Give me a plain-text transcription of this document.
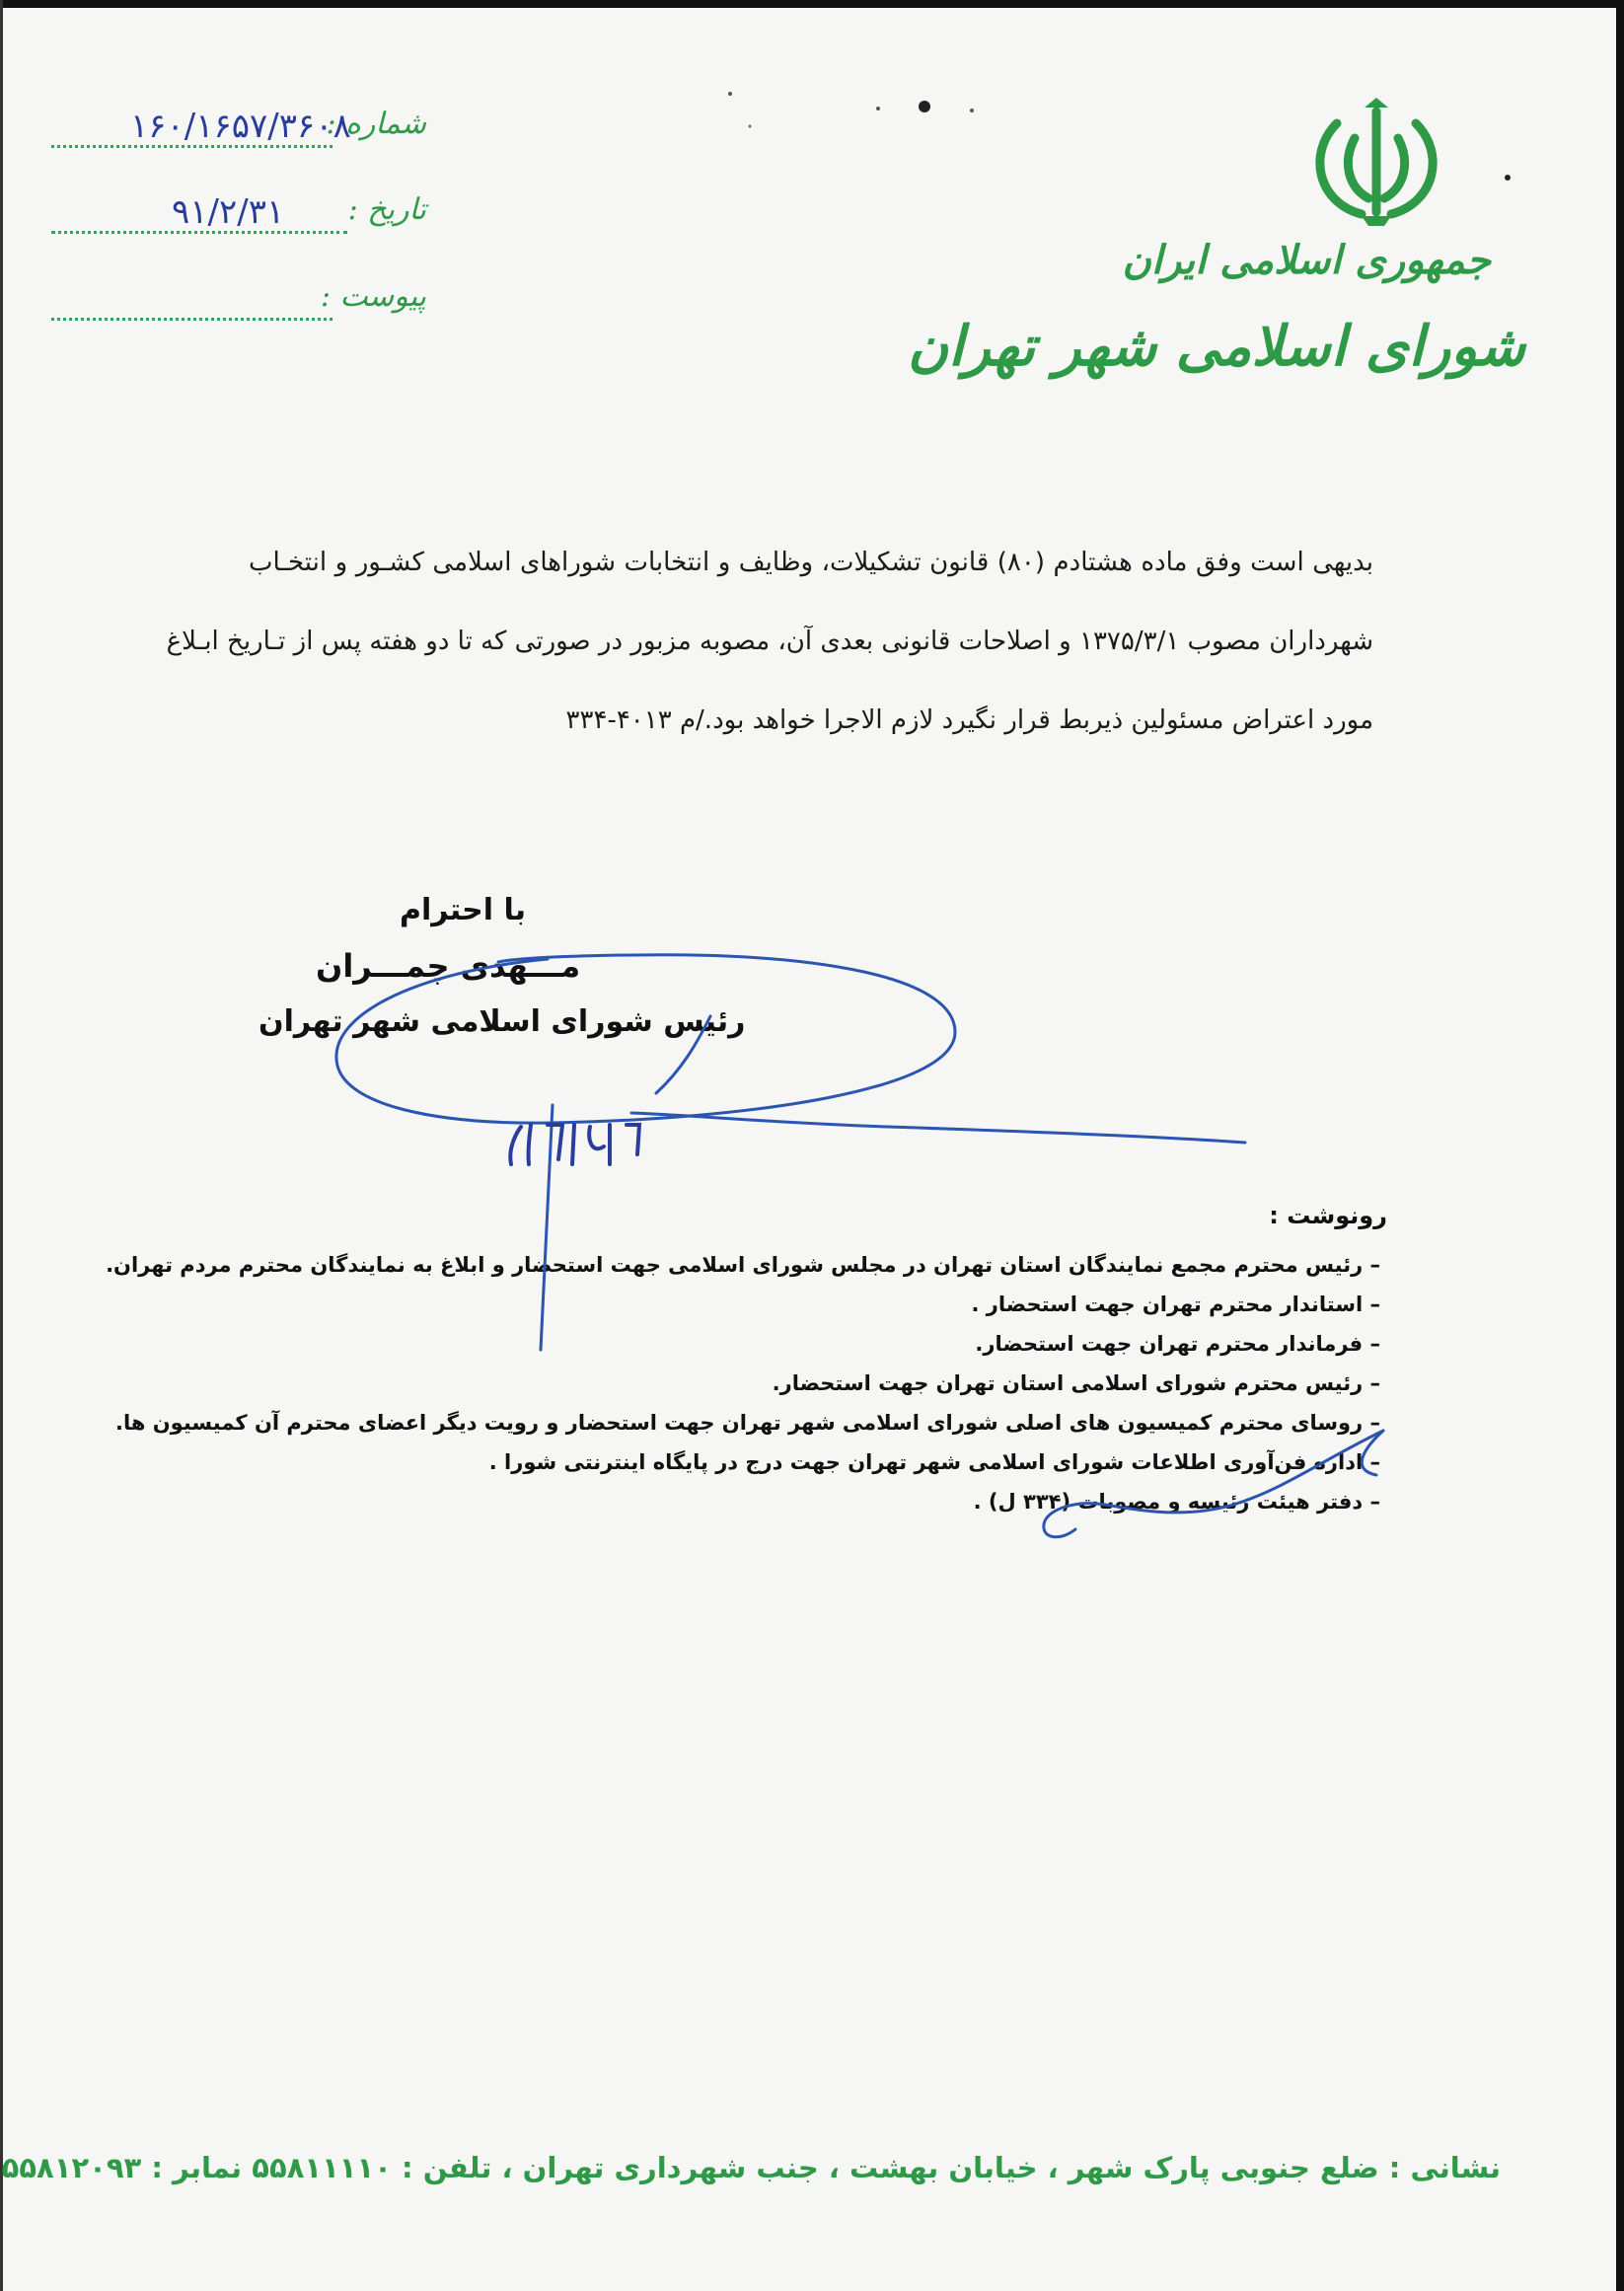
شماره :
۱۶۰/۱۶۵۷/۳۶۰۸
تاریخ :
۹۱/۲/۳۱
پیوست :
جمهوری اسلامی ایران
شورای اسلامی شهر تهران
بدیهی است وفق ماده هشتادم (۸۰) قانون تشکیلات، وظایف و انتخابات شوراهای اسلامی کشـور و انتخـاب
شهرداران مصوب ۱۳۷۵/۳/۱ و اصلاحات قانونی بعدی آن، مصوبه مزبور در صورتی که تا دو هفته پس از تـاریخ ابـلاغ
مورد اعتراض مسئولین ذیربط قرار نگیرد لازم الاجرا خواهد بود./م ۴۰۱۳-۳۳۴
با احترام
مـــهدی چمـــران
رئیس شورای اسلامی شهر تهران
رونوشت :
– رئیس محترم مجمع نمایندگان استان تهران در مجلس شورای اسلامی جهت استحضار و ابلاغ به نمایندگان محترم مردم تهران.
– استاندار محترم تهران جهت استحضار .
– فرماندار محترم تهران جهت استحضار.
– رئیس محترم شورای اسلامی استان تهران جهت استحضار.
– روسای محترم کمیسیون های اصلی شورای اسلامی شهر تهران جهت استحضار و رویت دیگر اعضای محترم آن کمیسیون ها.
– اداره فن‌آوری اطلاعات شورای اسلامی شهر تهران جهت درج در پایگاه اینترنتی شورا .
– دفتر هیئت رئیسه و مصوبات (۳۳۴ ل) .
نشانی : ضلع جنوبی پارک شهر ، خیابان بهشت ، جنب شهرداری تهران ، تلفن : ۵۵۸۱۱۱۱۰ نمابر : ۵۵۸۱۲۰۹۳
